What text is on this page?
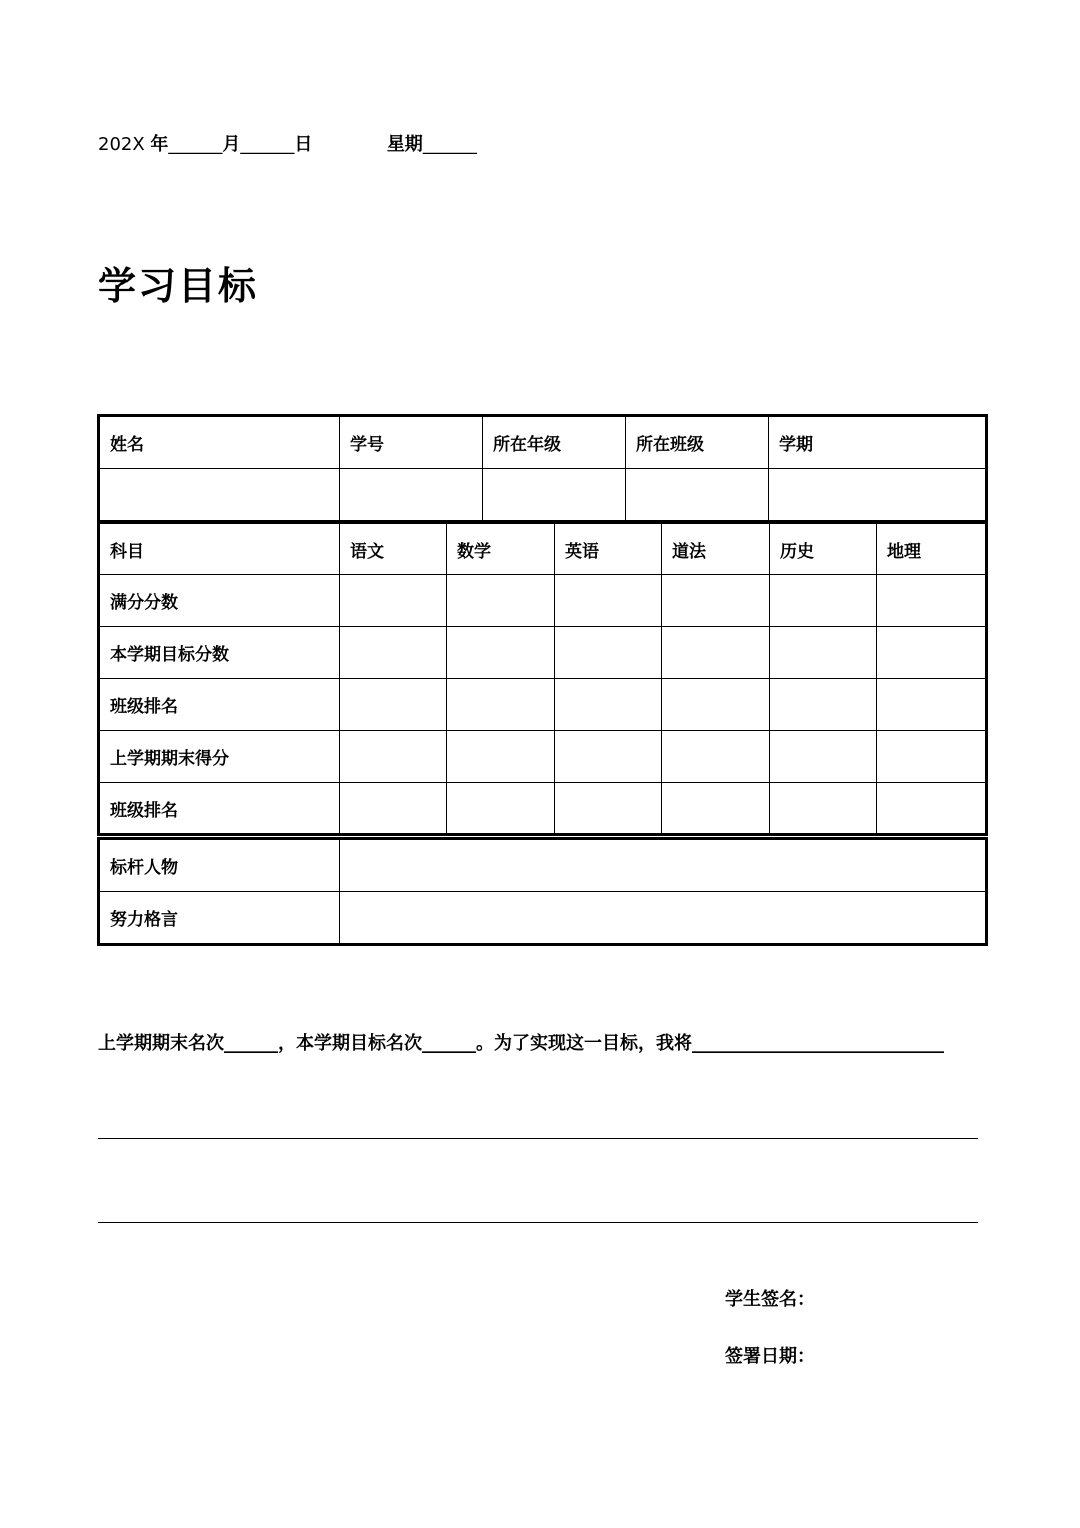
202X 年______月______日	星期______
学习目标
姓名	学号	所在年级	所在班级	学期

科目	语文	数学	英语	道法	历史	地理
满分分数						
本学期目标分数						
班级排名						
上学期期末得分						
班级排名						
标杆人物	
努力格言	
上学期期末名次______，本学期目标名次______。为了实现这一目标，我将____________________________
学生签名：
签署日期：
